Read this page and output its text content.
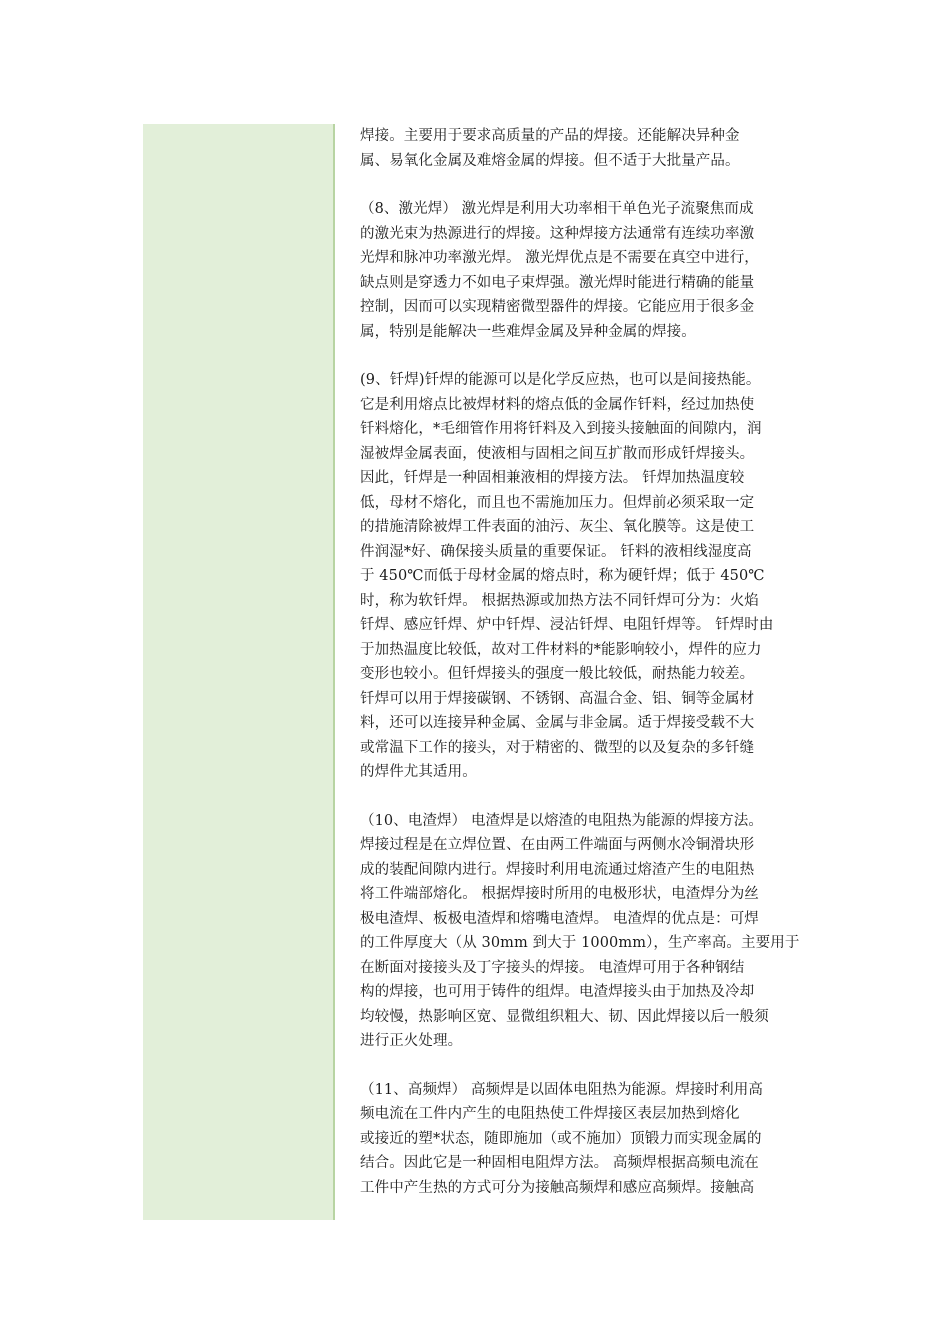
焊接。主要用于要求高质量的产品的焊接。还能解决异种金
属、易氧化金属及难熔金属的焊接。但不适于大批量产品。
（8、激光焊） 激光焊是利用大功率相干单色光子流聚焦而成
的激光束为热源进行的焊接。这种焊接方法通常有连续功率激
光焊和脉冲功率激光焊。 激光焊优点是不需要在真空中进行，
缺点则是穿透力不如电子束焊强。激光焊时能进行精确的能量
控制，因而可以实现精密微型器件的焊接。它能应用于很多金
属，特别是能解决一些难焊金属及异种金属的焊接。
(9、钎焊)钎焊的能源可以是化学反应热，也可以是间接热能。
它是利用熔点比被焊材料的熔点低的金属作钎料，经过加热使
钎料熔化，*毛细管作用将钎料及入到接头接触面的间隙内，润
湿被焊金属表面，使液相与固相之间互扩散而形成钎焊接头。
因此，钎焊是一种固相兼液相的焊接方法。 钎焊加热温度较
低，母材不熔化，而且也不需施加压力。但焊前必须采取一定
的措施清除被焊工件表面的油污、灰尘、氧化膜等。这是使工
件润湿*好、确保接头质量的重要保证。 钎料的液相线湿度高
于 450℃而低于母材金属的熔点时，称为硬钎焊；低于 450℃
时，称为软钎焊。 根据热源或加热方法不同钎焊可分为：火焰
钎焊、感应钎焊、炉中钎焊、浸沾钎焊、电阻钎焊等。 钎焊时由
于加热温度比较低，故对工件材料的*能影响较小，焊件的应力
变形也较小。但钎焊接头的强度一般比较低，耐热能力较差。
钎焊可以用于焊接碳钢、不锈钢、高温合金、铝、铜等金属材
料，还可以连接异种金属、金属与非金属。适于焊接受载不大
或常温下工作的接头，对于精密的、微型的以及复杂的多钎缝
的焊件尤其适用。
（10、电渣焊） 电渣焊是以熔渣的电阻热为能源的焊接方法。
焊接过程是在立焊位置、在由两工件端面与两侧水冷铜滑块形
成的装配间隙内进行。焊接时利用电流通过熔渣产生的电阻热
将工件端部熔化。 根据焊接时所用的电极形状，电渣焊分为丝
极电渣焊、板极电渣焊和熔嘴电渣焊。 电渣焊的优点是：可焊
的工件厚度大（从 30mm 到大于 1000mm），生产率高。主要用于
在断面对接接头及丁字接头的焊接。 电渣焊可用于各种钢结
构的焊接，也可用于铸件的组焊。电渣焊接头由于加热及冷却
均较慢，热影响区宽、显微组织粗大、韧、因此焊接以后一般须
进行正火处理。
（11、高频焊） 高频焊是以固体电阻热为能源。焊接时利用高
频电流在工件内产生的电阻热使工件焊接区表层加热到熔化
或接近的塑*状态，随即施加（或不施加）顶锻力而实现金属的
结合。因此它是一种固相电阻焊方法。 高频焊根据高频电流在
工件中产生热的方式可分为接触高频焊和感应高频焊。接触高
